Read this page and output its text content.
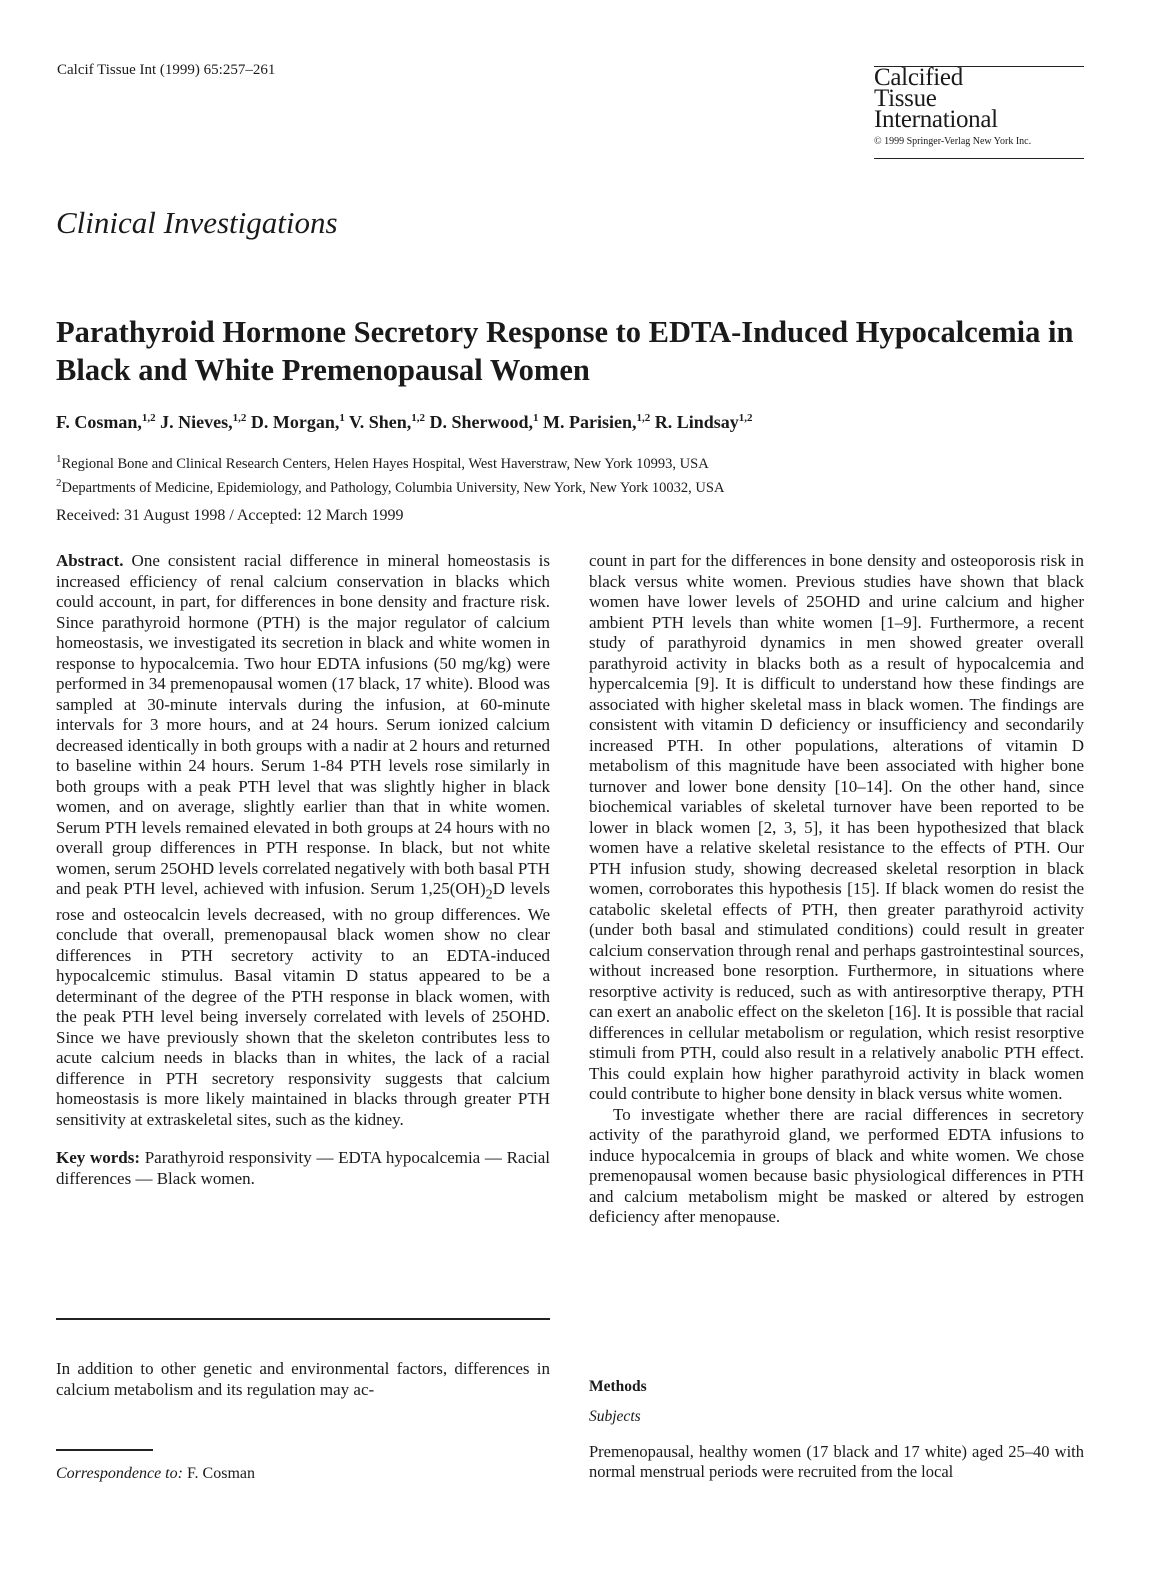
Calcif Tissue Int (1999) 65:257–261	Calcified
Tissue
International
© 1999 Springer-Verlag New York Inc.
Clinical Investigations
Parathyroid Hormone Secretory Response to EDTA-Induced Hypocalcemia in Black and White Premenopausal Women
F. Cosman,$^{1,2}$ J. Nieves,$^{1,2}$ D. Morgan,$^1$ V. Shen,$^{1,2}$ D. Sherwood,$^1$ M. Parisien,$^{1,2}$ R. Lindsay$^{1,2}$
$^1$Regional Bone and Clinical Research Centers, Helen Hayes Hospital, West Haverstraw, New York 10993, USA
$^2$Departments of Medicine, Epidemiology, and Pathology, Columbia University, New York, New York 10032, USA
Received: 31 August 1998 / Accepted: 12 March 1999

Abstract. One consistent racial difference in mineral homeostasis is increased efficiency of renal calcium conservation in blacks which could account, in part, for differences in bone density and fracture risk. Since parathyroid hormone (PTH) is the major regulator of calcium homeostasis, we investigated its secretion in black and white women in response to hypocalcemia. Two hour EDTA infusions (50 mg/kg) were performed in 34 premenopausal women (17 black, 17 white). Blood was sampled at 30-minute intervals during the infusion, at 60-minute intervals for 3 more hours, and at 24 hours. Serum ionized calcium decreased identically in both groups with a nadir at 2 hours and returned to baseline within 24 hours. Serum 1-84 PTH levels rose similarly in both groups with a peak PTH level that was slightly higher in black women, and on average, slightly earlier than that in white women. Serum PTH levels remained elevated in both groups at 24 hours with no overall group differences in PTH response. In black, but not white women, serum 25OHD levels correlated negatively with both basal PTH and peak PTH level, achieved with infusion. Serum $1,25(OH)_2D$ levels rose and osteocalcin levels decreased, with no group differences. We conclude that overall, premenopausal black women show no clear differences in PTH secretory activity to an EDTA-induced hypocalcemic stimulus. Basal vitamin D status appeared to be a determinant of the degree of the PTH response in black women, with the peak PTH level being inversely correlated with levels of 25OHD. Since we have previously shown that the skeleton contributes less to acute calcium needs in blacks than in whites, the lack of a racial difference in PTH secretory responsivity suggests that calcium homeostasis is more likely maintained in blacks through greater PTH sensitivity at extraskeletal sites, such as the kidney.

Key words: Parathyroid responsivity — EDTA hypocalcemia — Racial differences — Black women.

In addition to other genetic and environmental factors, differences in calcium metabolism and its regulation may ac-

Correspondence to: F. Cosman

count in part for the differences in bone density and osteoporosis risk in black versus white women. Previous studies have shown that black women have lower levels of 25OHD and urine calcium and higher ambient PTH levels than white women [1–9]. Furthermore, a recent study of parathyroid dynamics in men showed greater overall parathyroid activity in blacks both as a result of hypocalcemia and hypercalcemia [9]. It is difficult to understand how these findings are associated with higher skeletal mass in black women. The findings are consistent with vitamin D deficiency or insufficiency and secondarily increased PTH. In other populations, alterations of vitamin D metabolism of this magnitude have been associated with higher bone turnover and lower bone density [10–14]. On the other hand, since biochemical variables of skeletal turnover have been reported to be lower in black women [2, 3, 5], it has been hypothesized that black women have a relative skeletal resistance to the effects of PTH. Our PTH infusion study, showing decreased skeletal resorption in black women, corroborates this hypothesis [15]. If black women do resist the catabolic skeletal effects of PTH, then greater parathyroid activity (under both basal and stimulated conditions) could result in greater calcium conservation through renal and perhaps gastrointestinal sources, without increased bone resorption. Furthermore, in situations where resorptive activity is reduced, such as with antiresorptive therapy, PTH can exert an anabolic effect on the skeleton [16]. It is possible that racial differences in cellular metabolism or regulation, which resist resorptive stimuli from PTH, could also result in a relatively anabolic PTH effect. This could explain how higher parathyroid activity in black women could contribute to higher bone density in black versus white women.

To investigate whether there are racial differences in secretory activity of the parathyroid gland, we performed EDTA infusions to induce hypocalcemia in groups of black and white women. We chose premenopausal women because basic physiological differences in PTH and calcium metabolism might be masked or altered by estrogen deficiency after menopause.

Methods
Subjects

Premenopausal, healthy women (17 black and 17 white) aged 25–40 with normal menstrual periods were recruited from the local
